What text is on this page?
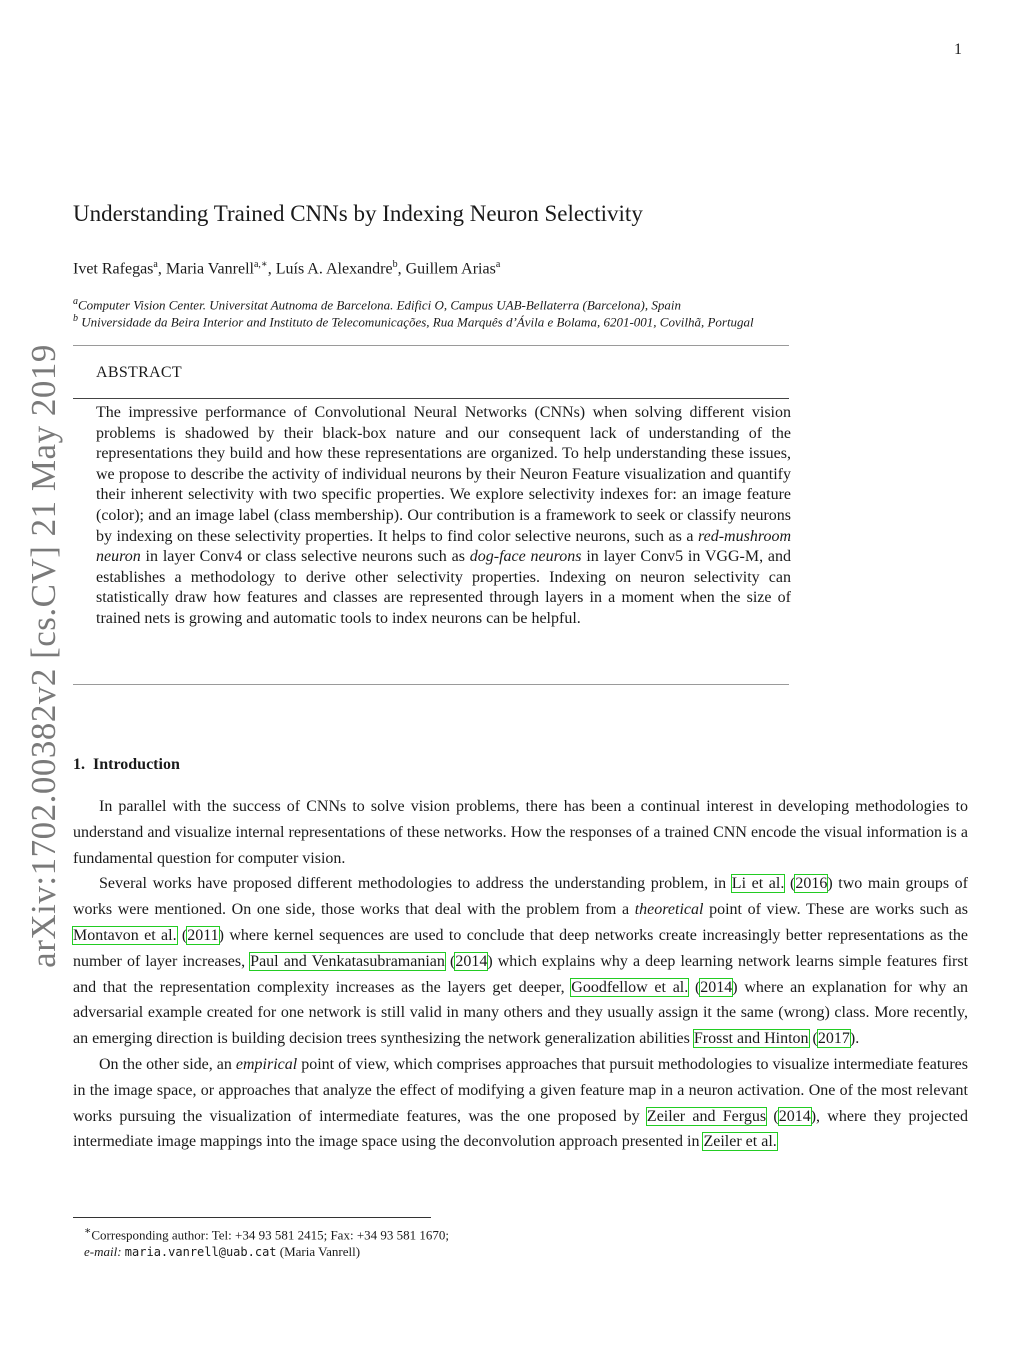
1
arXiv:1702.00382v2 [cs.CV] 21 May 2019
Understanding Trained CNNs by Indexing Neuron Selectivity
Ivet Rafegas$^a$, Maria Vanrell$^{a,∗}$, Luís A. Alexandre$^b$, Guillem Arias$^a$
$^a$Computer Vision Center. Universitat Autnoma de Barcelona. Edifici O, Campus UAB-Bellaterra (Barcelona), Spain
$^b$ Universidade da Beira Interior and Instituto de Telecomunicações, Rua Marquês d’Ávila e Bolama, 6201-001, Covilhã, Portugal
ABSTRACT
The impressive performance of Convolutional Neural Networks (CNNs) when solving different vision problems is shadowed by their black-box nature and our consequent lack of understanding of the representations they build and how these representations are organized. To help understanding these issues, we propose to describe the activity of individual neurons by their Neuron Feature visualization and quantify their inherent selectivity with two specific properties. We explore selectivity indexes for: an image feature (color); and an image label (class membership). Our contribution is a framework to seek or classify neurons by indexing on these selectivity properties. It helps to find color selective neurons, such as a red-mushroom neuron in layer Conv4 or class selective neurons such as dog-face neurons in layer Conv5 in VGG-M, and establishes a methodology to derive other selectivity properties. Indexing on neuron selectivity can statistically draw how features and classes are represented through layers in a moment when the size of trained nets is growing and automatic tools to index neurons can be helpful.
1. Introduction

In parallel with the success of CNNs to solve vision problems, there has been a continual interest in developing methodologies to understand and visualize internal representations of these networks. How the responses of a trained CNN encode the visual information is a fundamental question for computer vision.

Several works have proposed different methodologies to address the understanding problem, in Li et al. (2016) two main groups of works were mentioned. On one side, those works that deal with the problem from a theoretical point of view. These are works such as Montavon et al. (2011) where kernel sequences are used to conclude that deep networks create increasingly better representations as the number of layer increases, Paul and Venkatasubramanian (2014) which explains why a deep learning network learns simple features first and that the representation complexity increases as the layers get deeper, Goodfellow et al. (2014) where an explanation for why an adversarial example created for one network is still valid in many others and they usually assign it the same (wrong) class. More recently, an emerging direction is building decision trees synthesizing the network generalization abilities Frosst and Hinton (2017).

On the other side, an empirical point of view, which comprises approaches that pursuit methodologies to visualize intermediate features in the image space, or approaches that analyze the effect of modifying a given feature map in a neuron activation. One of the most relevant works pursuing the visualization of intermediate features, was the one proposed by Zeiler and Fergus (2014), where they projected intermediate image mappings into the image space using the deconvolution approach presented in Zeiler et al.

∗Corresponding author: Tel: +34 93 581 2415; Fax: +34 93 581 1670;
e-mail: maria.vanrell@uab.cat (Maria Vanrell)
